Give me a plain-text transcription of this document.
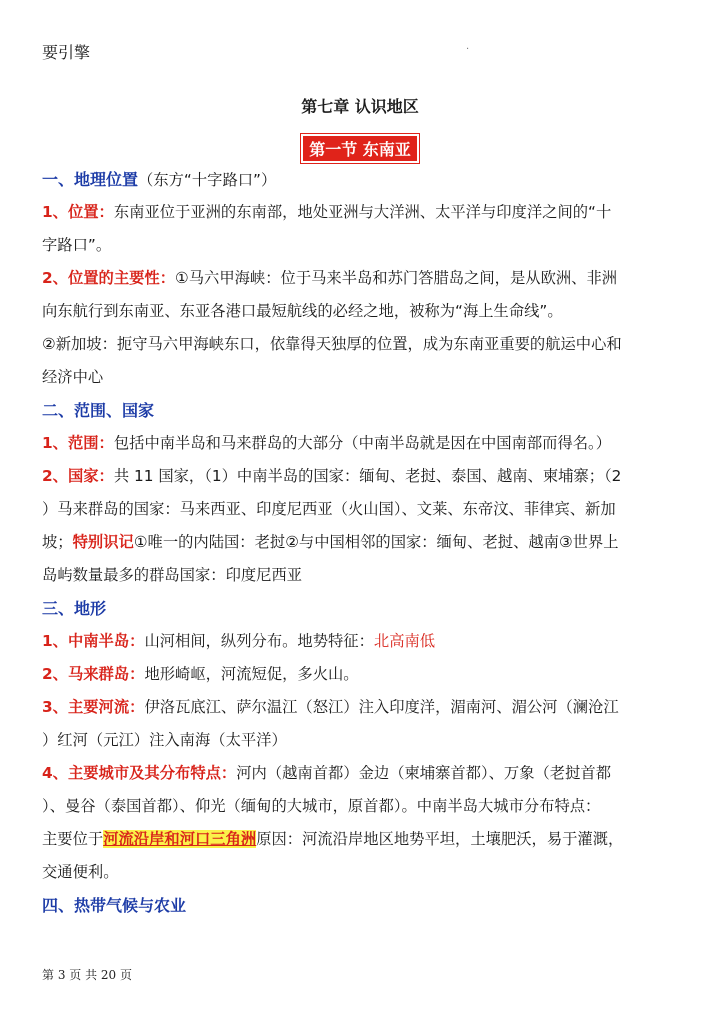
要引擎	·
第七章 认识地区
第一节 东南亚
一、地理位置（东方“十字路口”）
1、位置：东南亚位于亚洲的东南部，地处亚洲与大洋洲、太平洋与印度洋之间的“十
字路口”。
2、位置的主要性：①马六甲海峡：位于马来半岛和苏门答腊岛之间，是从欧洲、非洲
向东航行到东南亚、东亚各港口最短航线的必经之地，被称为“海上生命线”。
②新加坡：扼守马六甲海峡东口，依靠得天独厚的位置，成为东南亚重要的航运中心和
经济中心
二、范围、国家
1、范围：包括中南半岛和马来群岛的大部分（中南半岛就是因在中国南部而得名。）
2、国家：共 11 国家，（1）中南半岛的国家：缅甸、老挝、泰国、越南、柬埔寨；（2
）马来群岛的国家：马来西亚、印度尼西亚（火山国）、文莱、东帝汶、菲律宾、新加
坡；特别识记①唯一的内陆国：老挝②与中国相邻的国家：缅甸、老挝、越南③世界上
岛屿数量最多的群岛国家：印度尼西亚
三、地形
1、中南半岛：山河相间，纵列分布。地势特征：北高南低
2、马来群岛：地形崎岖，河流短促，多火山。
3、主要河流：伊洛瓦底江、萨尔温江（怒江）注入印度洋，湄南河、湄公河（澜沧江
）红河（元江）注入南海（太平洋）
4、主要城市及其分布特点：河内（越南首都）金边（柬埔寨首都）、万象（老挝首都
）、曼谷（泰国首都）、仰光（缅甸的大城市，原首都）。中南半岛大城市分布特点：
主要位于河流沿岸和河口三角洲原因：河流沿岸地区地势平坦，土壤肥沃，易于灌溉，
交通便利。
四、热带气候与农业
第 3 页 共 20 页
